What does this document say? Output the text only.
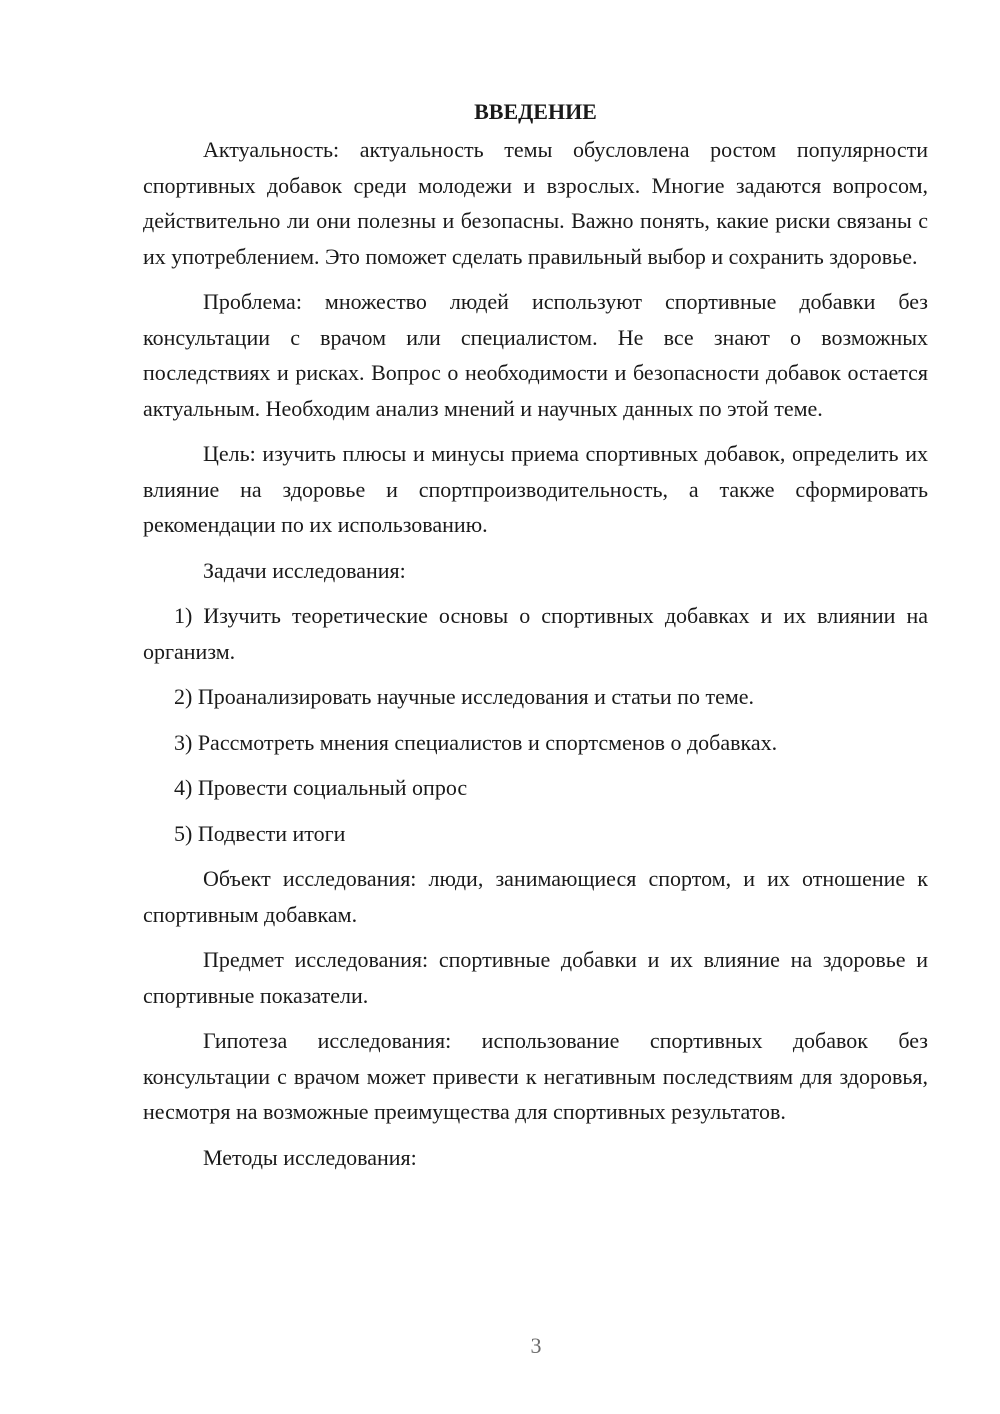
ВВЕДЕНИЕ

Актуальность: актуальность темы обусловлена ростом популярности спортивных добавок среди молодежи и взрослых. Многие задаются вопросом, действительно ли они полезны и безопасны. Важно понять, какие риски связаны с их употреблением. Это поможет сделать правильный выбор и сохранить здоровье.

Проблема: множество людей используют спортивные добавки без консультации с врачом или специалистом. Не все знают о возможных последствиях и рисках. Вопрос о необходимости и безопасности добавок остается актуальным. Необходим анализ мнений и научных данных по этой теме.

Цель: изучить плюсы и минусы приема спортивных добавок, определить их влияние на здоровье и спортпроизводительность, а также сформировать рекомендации по их использованию.

Задачи исследования:

1) Изучить теоретические основы о спортивных добавках и их влиянии на организм.

2) Проанализировать научные исследования и статьи по теме.

3) Рассмотреть мнения специалистов и спортсменов о добавках.

4) Провести социальный опрос

5) Подвести итоги

Объект исследования: люди, занимающиеся спортом, и их отношение к спортивным добавкам.

Предмет исследования: спортивные добавки и их влияние на здоровье и спортивные показатели.

Гипотеза исследования: использование спортивных добавок без консультации с врачом может привести к негативным последствиям для здоровья, несмотря на возможные преимущества для спортивных результатов.

Методы исследования:

3
